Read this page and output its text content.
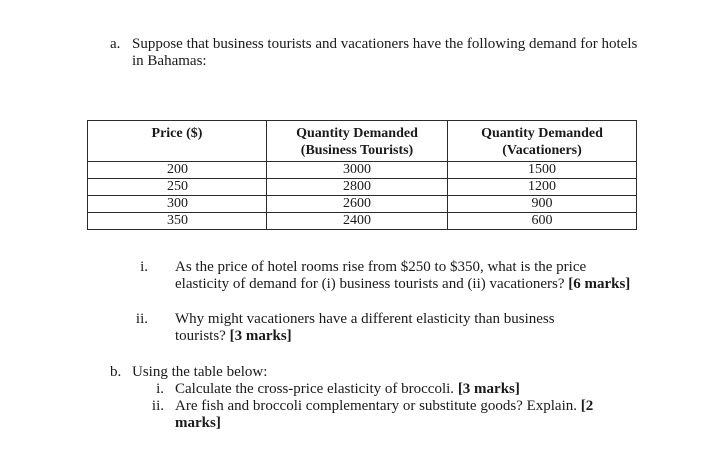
a. Suppose that business tourists and vacationers have the following demand for hotels in Bahamas:
Price ($)	Quantity Demanded (Business Tourists)	Quantity Demanded (Vacationers)
200	3000	1500
250	2800	1200
300	2600	900
350	2400	600
i. As the price of hotel rooms rise from $250 to $350, what is the price elasticity of demand for (i) business tourists and (ii) vacationers? [6 marks]
ii. Why might vacationers have a different elasticity than business tourists? [3 marks]
b. Using the table below:
i. Calculate the cross-price elasticity of broccoli. [3 marks]
ii. Are fish and broccoli complementary or substitute goods? Explain. [2 marks]
